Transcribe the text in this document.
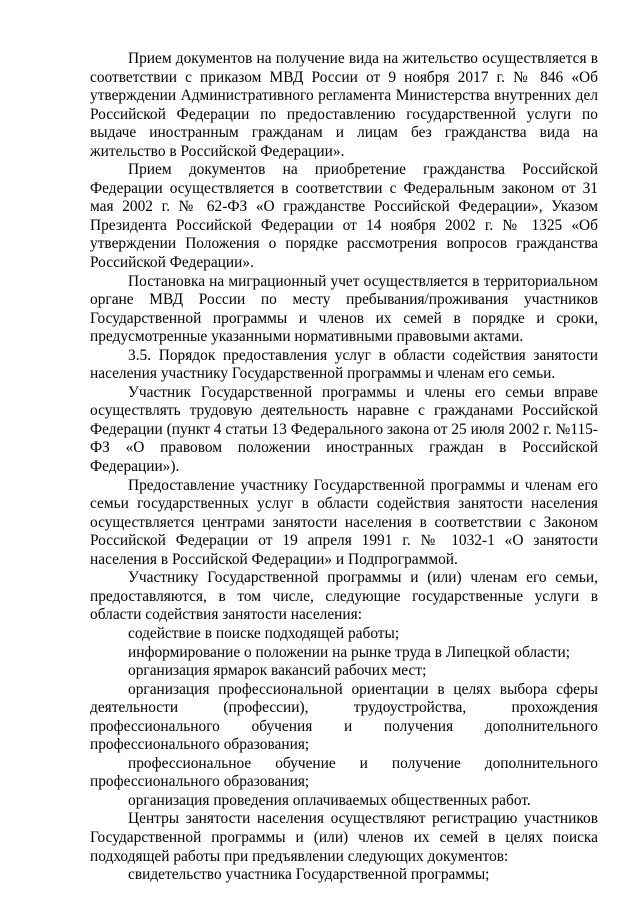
Прием документов на получение вида на жительство осуществляется в соответствии с приказом МВД России от 9 ноября 2017 г. № 846 «Об утверждении Административного регламента Министерства внутренних дел Российской Федерации по предоставлению государственной услуги по выдаче иностранным гражданам и лицам без гражданства вида на жительство в Российской Федерации».

Прием документов на приобретение гражданства Российской Федерации осуществляется в соответствии с Федеральным законом от 31 мая 2002 г. № 62-ФЗ «О гражданстве Российской Федерации», Указом Президента Российской Федерации от 14 ноября 2002 г. № 1325 «Об утверждении Положения о порядке рассмотрения вопросов гражданства Российской Федерации».

Постановка на миграционный учет осуществляется в территориальном органе МВД России по месту пребывания/проживания участников Государственной программы и членов их семей в порядке и сроки, предусмотренные указанными нормативными правовыми актами.

3.5. Порядок предоставления услуг в области содействия занятости населения участнику Государственной программы и членам его семьи.

Участник Государственной программы и члены его семьи вправе осуществлять трудовую деятельность наравне с гражданами Российской Федерации (пункт 4 статьи 13 Федерального закона от 25 июля 2002 г. №115-ФЗ «О правовом положении иностранных граждан в Российской Федерации»).

Предоставление участнику Государственной программы и членам его семьи государственных услуг в области содействия занятости населения осуществляется центрами занятости населения в соответствии с Законом Российской Федерации от 19 апреля 1991 г. № 1032-1 «О занятости населения в Российской Федерации» и Подпрограммой.

Участнику Государственной программы и (или) членам его семьи, предоставляются, в том числе, следующие государственные услуги в области содействия занятости населения:

содействие в поиске подходящей работы;

информирование о положении на рынке труда в Липецкой области;

организация ярмарок вакансий рабочих мест;

организация профессиональной ориентации в целях выбора сферы деятельности (профессии), трудоустройства, прохождения профессионального обучения и получения дополнительного профессионального образования;

профессиональное обучение и получение дополнительного профессионального образования;

организация проведения оплачиваемых общественных работ.

Центры занятости населения осуществляют регистрацию участников Государственной программы и (или) членов их семей в целях поиска подходящей работы при предъявлении следующих документов:

свидетельство участника Государственной программы;
